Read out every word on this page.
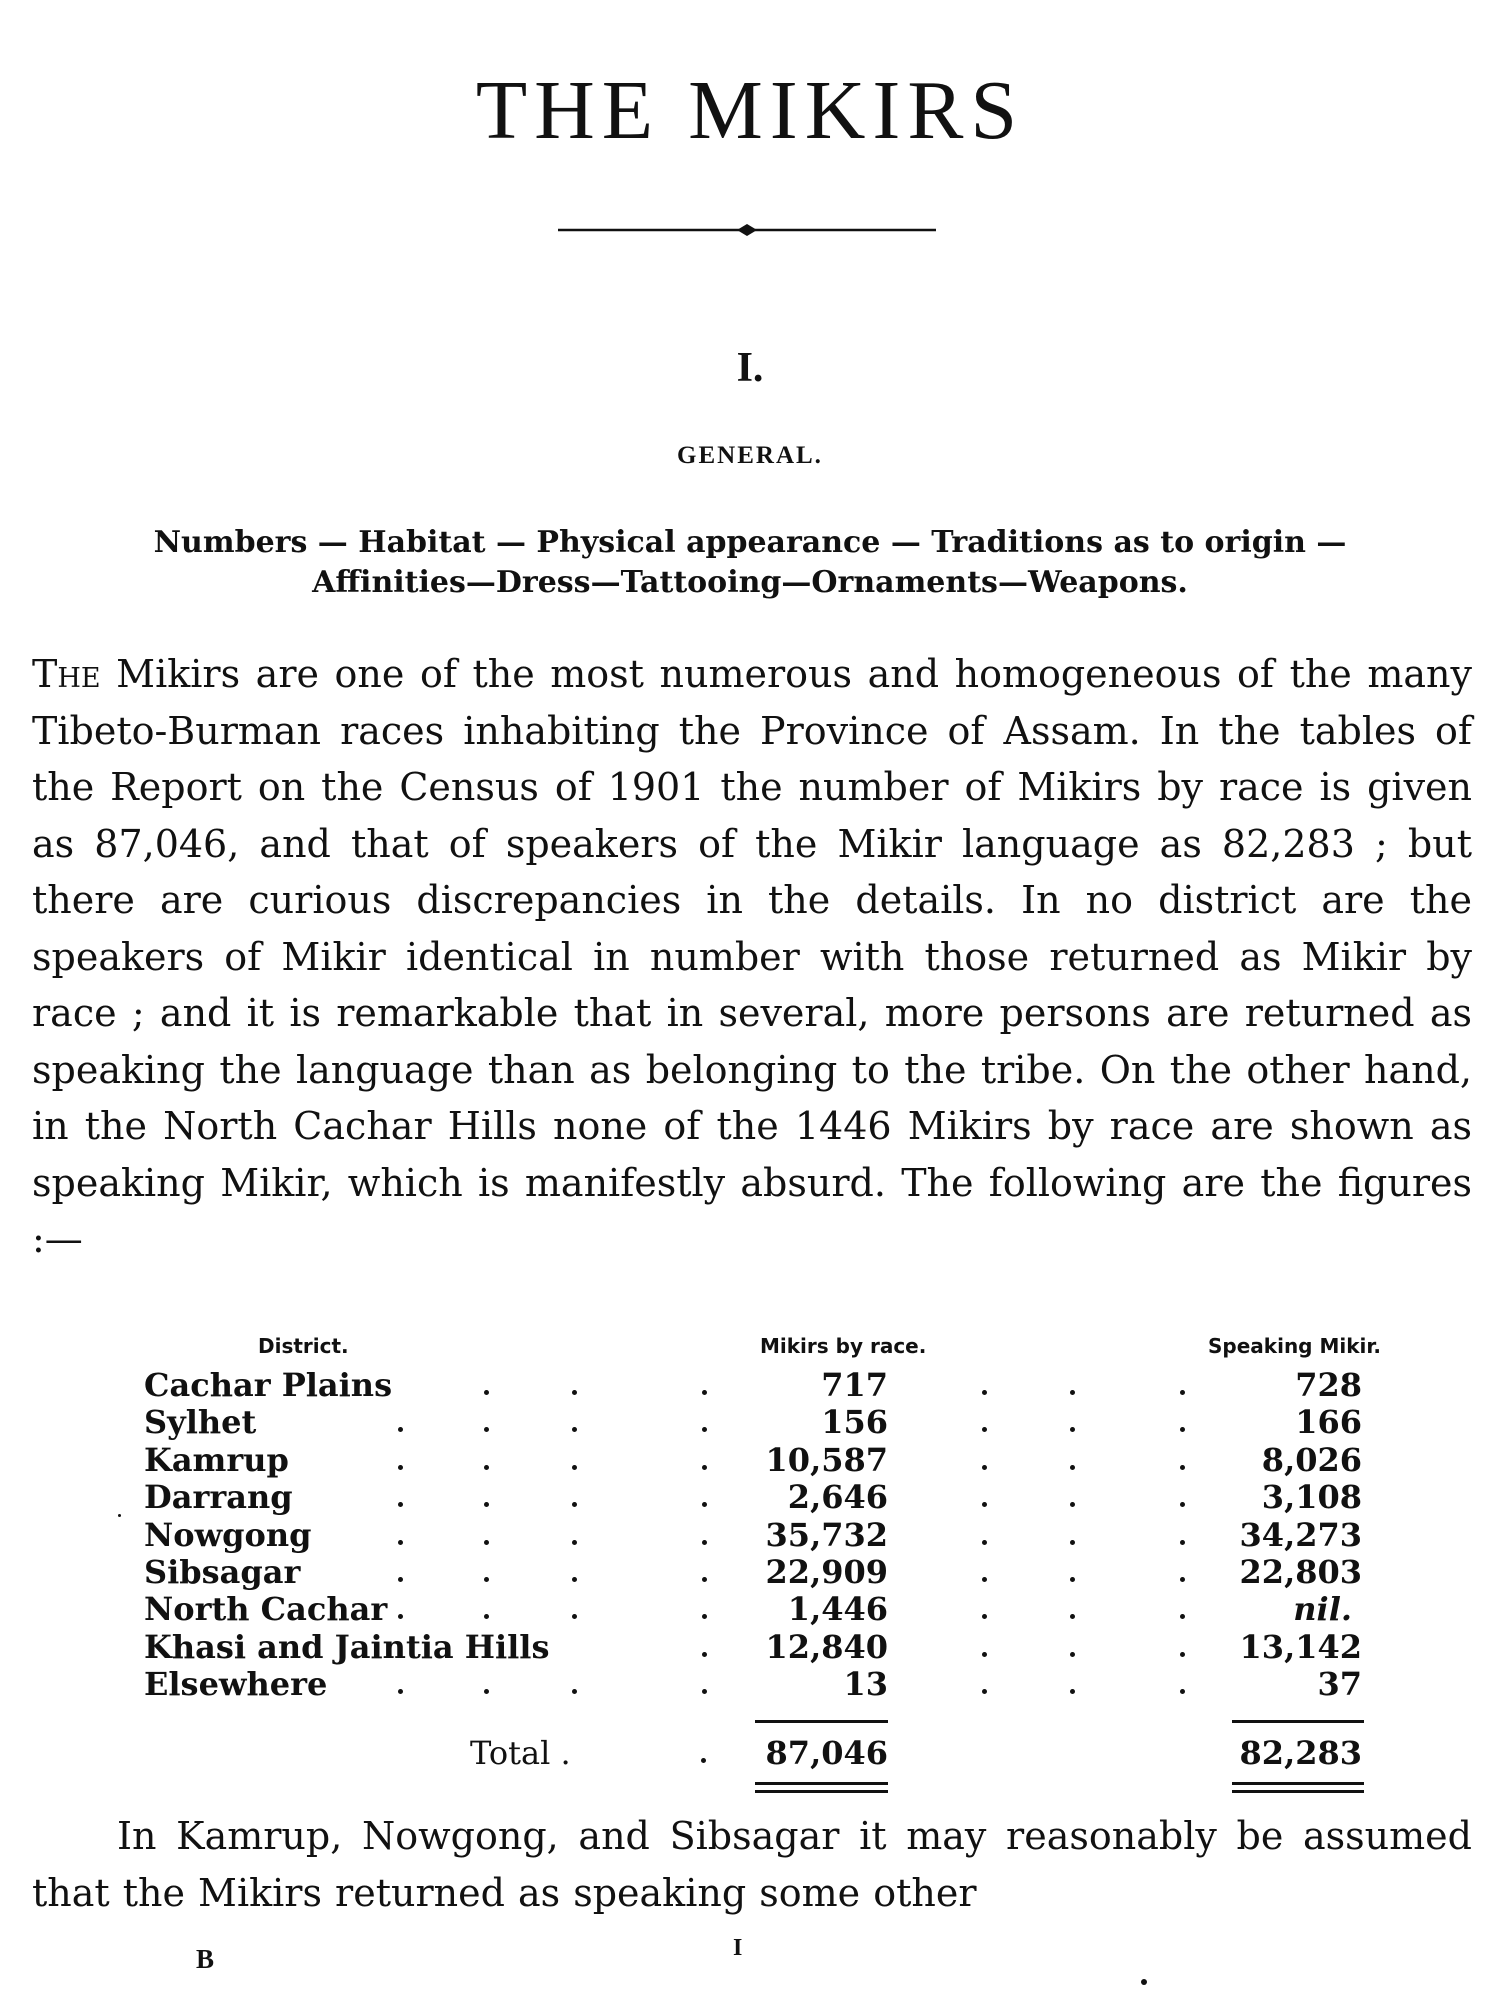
THE MIKIRS
I.
GENERAL.
Numbers — Habitat — Physical appearance — Traditions as to origin —
Affinities—Dress—Tattooing—Ornaments—Weapons.
The Mikirs are one of the most numerous and homogeneous of the many Tibeto-Burman races inhabiting the Province of Assam. In the tables of the Report on the Census of 1901 the number of Mikirs by race is given as 87,046, and that of speakers of the Mikir language as 82,283 ; but there are curious discrepancies in the details. In no district are the speakers of Mikir identical in number with those returned as Mikir by race ; and it is remarkable that in several, more persons are returned as speaking the language than as belonging to the tribe. On the other hand, in the North Cachar Hills none of the 1446 Mikirs by race are shown as speaking Mikir, which is manifestly absurd. The following are the figures :—
District.	Mikirs by race.	Speaking Mikir.
Cachar Plains	717	728
Sylhet	156	166
Kamrup	10,587	8,026
Darrang	2,646	3,108
Nowgong	35,732	34,273
Sibsagar	22,909	22,803
North Cachar	1,446	nil.
Khasi and Jaintia Hills	12,840	13,142
Elsewhere	13	37
Total .	87,046	82,283
In Kamrup, Nowgong, and Sibsagar it may reasonably be assumed that the Mikirs returned as speaking some other
B	I
